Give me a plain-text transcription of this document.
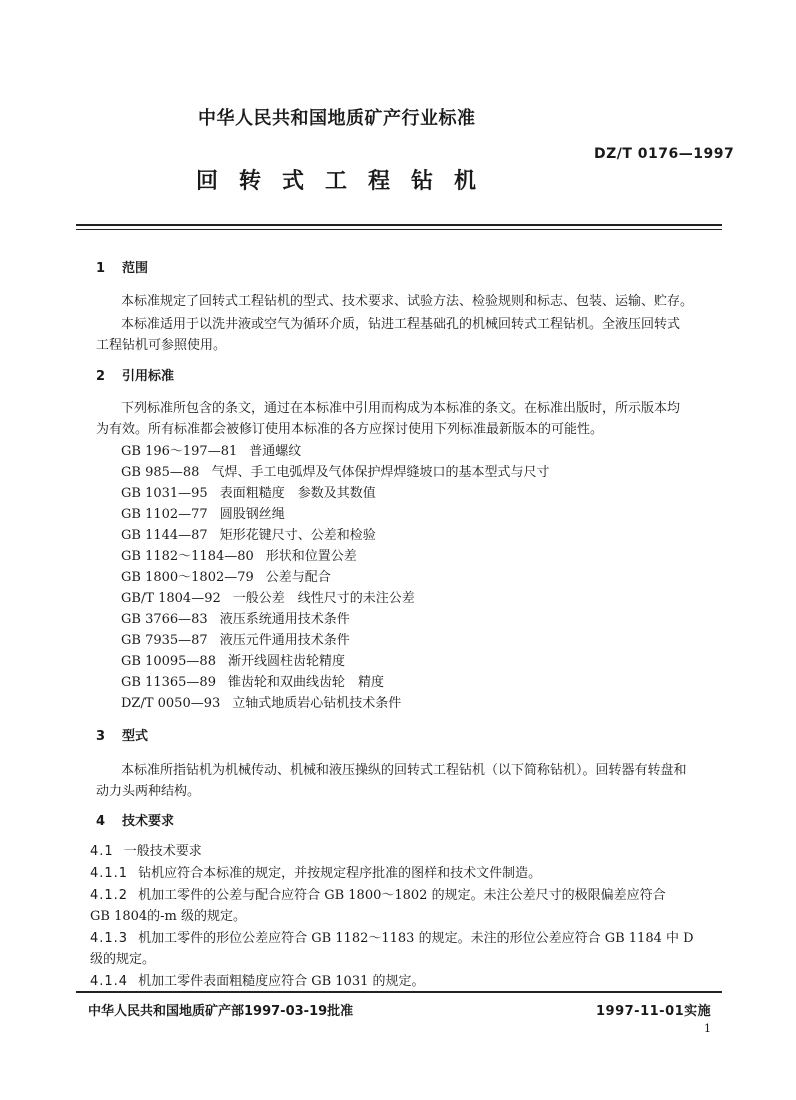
中华人民共和国地质矿产行业标准
DZ/T 0176—1997
回转式工程钻机
1 范围
本标准规定了回转式工程钻机的型式、技术要求、试验方法、检验规则和标志、包装、运输、贮存。
本标准适用于以洗井液或空气为循环介质，钻进工程基础孔的机械回转式工程钻机。全液压回转式
工程钻机可参照使用。
2 引用标准
下列标准所包含的条文，通过在本标准中引用而构成为本标准的条文。在标准出版时，所示版本均
为有效。所有标准都会被修订使用本标准的各方应探讨使用下列标准最新版本的可能性。
GB 196～197—81 普通螺纹
GB 985—88 气焊、手工电弧焊及气体保护焊焊缝坡口的基本型式与尺寸
GB 1031—95 表面粗糙度　参数及其数值
GB 1102—77 圆股钢丝绳
GB 1144—87 矩形花键尺寸、公差和检验
GB 1182～1184—80 形状和位置公差
GB 1800～1802—79 公差与配合
GB/T 1804—92 一般公差　线性尺寸的未注公差
GB 3766—83 液压系统通用技术条件
GB 7935—87 液压元件通用技术条件
GB 10095—88 渐开线圆柱齿轮精度
GB 11365—89 锥齿轮和双曲线齿轮　精度
DZ/T 0050—93 立轴式地质岩心钻机技术条件
3 型式
本标准所指钻机为机械传动、机械和液压操纵的回转式工程钻机（以下简称钻机）。回转器有转盘和
动力头两种结构。
4 技术要求
4.1 一般技术要求
4.1.1 钻机应符合本标准的规定，并按规定程序批准的图样和技术文件制造。
4.1.2 机加工零件的公差与配合应符合 GB 1800～1802 的规定。未注公差尺寸的极限偏差应符合
GB 1804的-m 级的规定。
4.1.3 机加工零件的形位公差应符合 GB 1182～1183 的规定。未注的形位公差应符合 GB 1184 中 D
级的规定。
4.1.4 机加工零件表面粗糙度应符合 GB 1031 的规定。
中华人民共和国地质矿产部1997-03-19批准	1997-11-01实施
1
